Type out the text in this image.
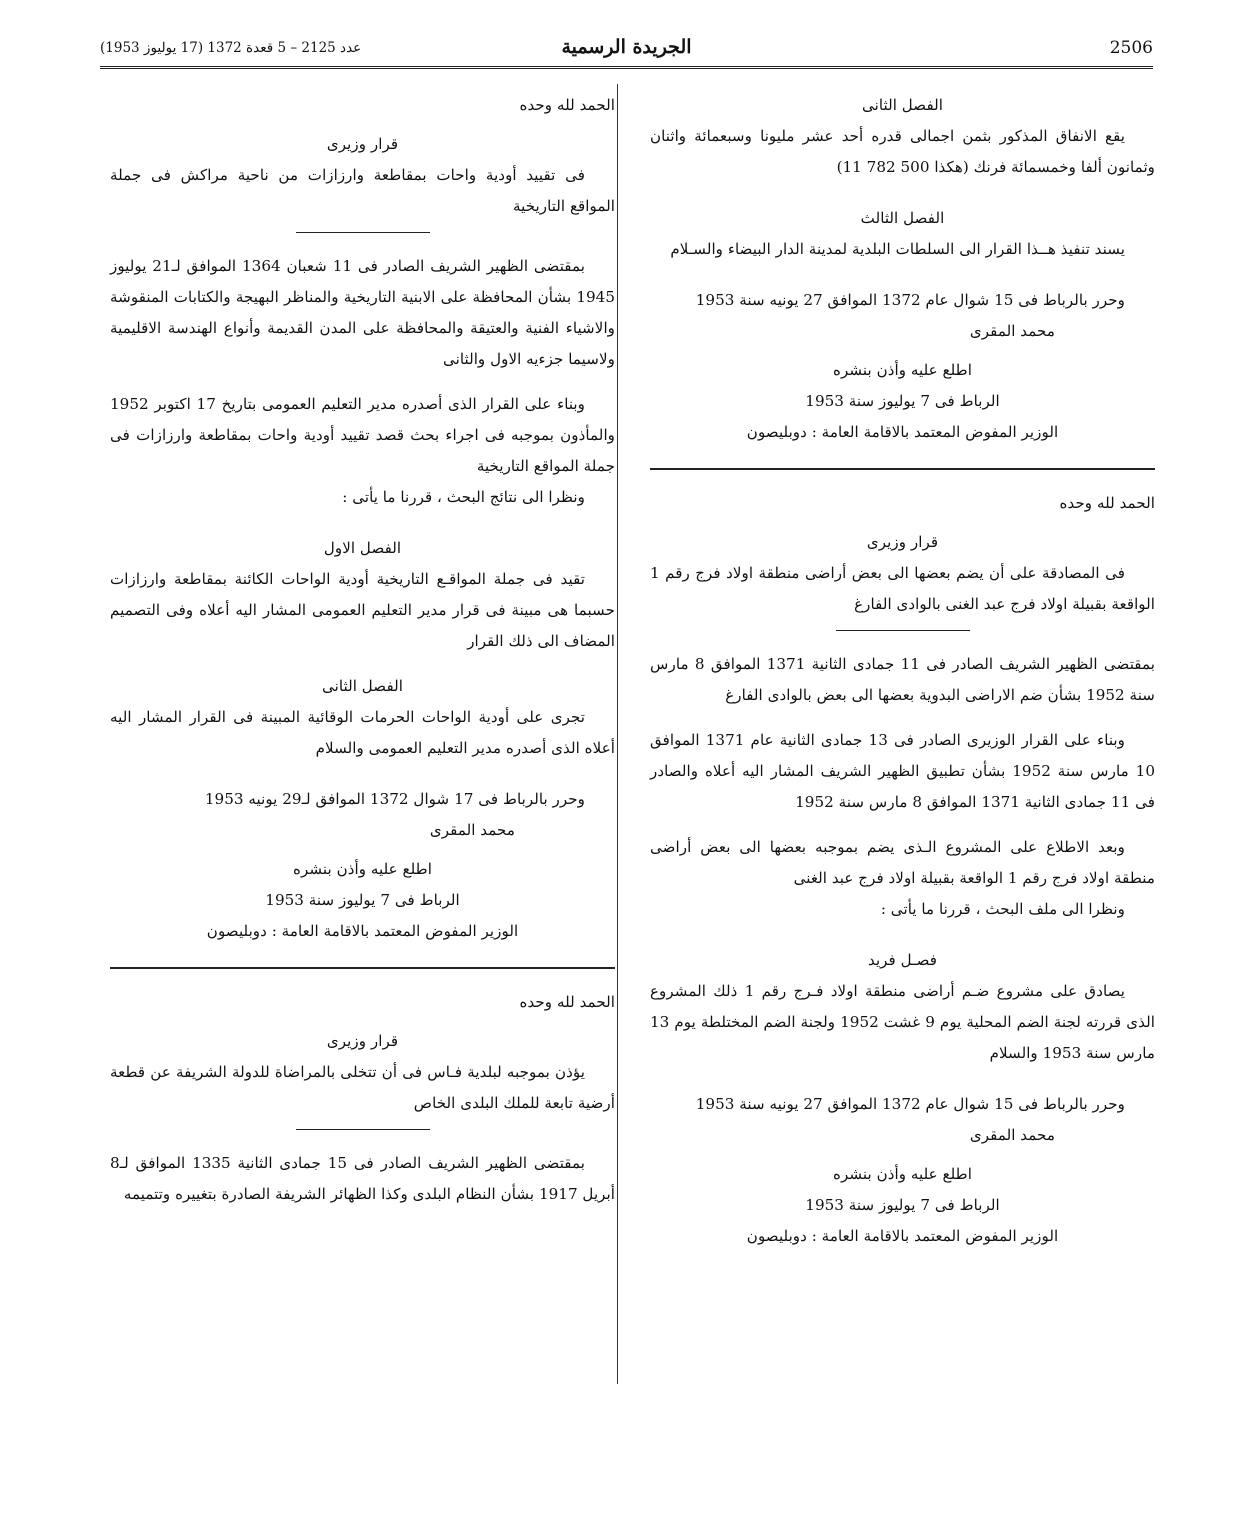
2506
الجريدة الرسمية
عدد 2125 – 5 قعدة 1372 (17 يوليوز 1953)

الفصل الثانى

يقع الانفاق المذكور بثمن اجمالى قدره أحد عشر مليونا وسبعمائة واثنان وثمانون ألفا وخمسمائة فرنك (هكذا 500 782 11)

الفصل الثالث

يسند تنفيذ هــذا القرار الى السلطات البلدية لمدينة الدار البيضاء والسـلام

وحرر بالرباط فى 15 شوال عام 1372 الموافق 27 يونيه سنة 1953

محمد المقرى

اطلع عليه وأذن بنشره

الرباط فى 7 يوليوز سنة 1953

الوزير المفوض المعتمد بالاقامة العامة : دوبليصون

الحمد لله وحده

قرار وزيرى

فى المصادقة على أن يضم بعضها الى بعض أراضى منطقة اولاد فرج رقم 1 الواقعة بقبيلة اولاد فرج عبد الغنى بالوادى الفارغ

بمقتضى الظهير الشريف الصادر فى 11 جمادى الثانية 1371 الموافق 8 مارس سنة 1952 بشأن ضم الاراضى البدوية بعضها الى بعض بالوادى الفارغ

وبناء على القرار الوزيرى الصادر فى 13 جمادى الثانية عام 1371 الموافق 10 مارس سنة 1952 بشأن تطبيق الظهير الشريف المشار اليه أعلاه والصادر فى 11 جمادى الثانية 1371 الموافق 8 مارس سنة 1952

وبعد الاطلاع على المشروع الـذى يضم بموجبه بعضها الى بعض أراضى منطقة اولاد فرج رقم 1 الواقعة بقبيلة اولاد فرج عبد الغنى

ونظرا الى ملف البحث ، قررنا ما يأتى :

فصـل فريد

يصادق على مشروع ضـم أراضى منطقة اولاد فـرج رقم 1 ذلك المشروع الذى قررته لجنة الضم المحلية يوم 9 غشت 1952 ولجنة الضم المختلطة يوم 13 مارس سنة 1953 والسلام

وحرر بالرباط فى 15 شوال عام 1372 الموافق 27 يونيه سنة 1953

محمد المقرى

اطلع عليه وأذن بنشره

الرباط فى 7 يوليوز سنة 1953

الوزير المفوض المعتمد بالاقامة العامة : دوبليصون

الحمد لله وحده

قرار وزيرى

فى تقييد أودية واحات بمقاطعة وارزازات من ناحية مراكش فى جملة المواقع التاريخية

بمقتضى الظهير الشريف الصادر فى 11 شعبان 1364 الموافق لـ21 يوليوز 1945 بشأن المحافظة على الابنية التاريخية والمناظر البهيجة والكتابات المنقوشة والاشياء الفنية والعتيقة والمحافظة على المدن القديمة وأنواع الهندسة الاقليمية ولاسيما جزءيه الاول والثانى

وبناء على القرار الذى أصدره مدير التعليم العمومى بتاريخ 17 اكتوبر 1952 والمأذون بموجبه فى اجراء بحث قصد تقييد أودية واحات بمقاطعة وارزازات فى جملة المواقع التاريخية

ونظرا الى نتائج البحث ، قررنا ما يأتى :

الفصل الاول

تقيد فى جملة المواقـع التاريخية أودية الواحات الكائنة بمقاطعة وارزازات حسبما هى مبينة فى قرار مدير التعليم العمومى المشار اليه أعلاه وفى التصميم المضاف الى ذلك القرار

الفصل الثانى

تجرى على أودية الواحات الحرمات الوقائية المبينة فى القرار المشار اليه أعلاه الذى أصدره مدير التعليم العمومى والسلام

وحرر بالرباط فى 17 شوال 1372 الموافق لـ29 يونيه 1953

محمد المقرى

اطلع عليه وأذن بنشره

الرباط فى 7 يوليوز سنة 1953

الوزير المفوض المعتمد بالاقامة العامة : دوبليصون

الحمد لله وحده

قرار وزيرى

يؤذن بموجبه لبلدية فـاس فى أن تتخلى بالمراضاة للدولة الشريفة عن قطعة أرضية تابعة للملك البلدى الخاص

بمقتضى الظهير الشريف الصادر فى 15 جمادى الثانية 1335 الموافق لـ8 أبريل 1917 بشأن النظام البلدى وكذا الظهائر الشريفة الصادرة بتغييره وتتميمه
